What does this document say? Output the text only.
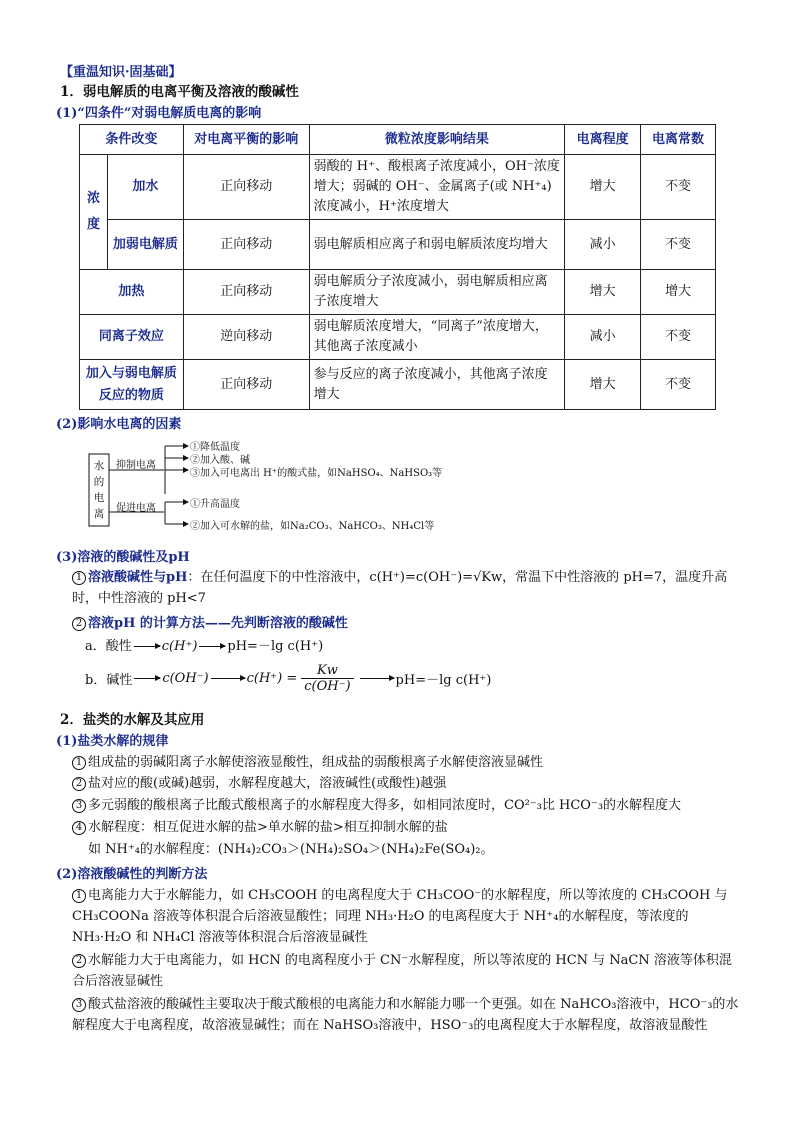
【重温知识·固基础】
1．弱电解质的电离平衡及溶液的酸碱性
(1)“四条件”对弱电解质电离的影响
条件改变		对电离平衡的影响	微粒浓度影响结果	电离程度	电离常数
浓度	加水	正向移动	弱酸的 H⁺、酸根离子浓度减小，OH⁻浓度增大；弱碱的 OH⁻、金属离子(或 NH⁺₄)浓度减小，H⁺浓度增大	增大	不变
	加弱电解质	正向移动	弱电解质相应离子和弱电解质浓度均增大	减小	不变
加热		正向移动	弱电解质分子浓度减小，弱电解质相应离子浓度增大	增大	增大
同离子效应		逆向移动	弱电解质浓度增大，“同离子”浓度增大，其他离子浓度减小	减小	不变
加入与弱电解质反应的物质		正向移动	参与反应的离子浓度减小，其他离子浓度增大	增大	不变
(2)影响水电离的因素
水的电离
抑制电离
①降低温度
②加入酸、碱
③加入可电离出 H⁺的酸式盐，如NaHSO₄、NaHSO₃等
促进电离	①升高温度
②加入可水解的盐，如Na₂CO₃、NaHCO₃、NH₄Cl等
(3)溶液的酸碱性及pH
1 溶液酸碱性与pH：在任何温度下的中性溶液中，c(H⁺)=c(OH⁻)=√Kw，常温下中性溶液的 pH=7，温度升高时，中性溶液的 pH<7
2 溶液pH 的计算方法——先判断溶液的酸碱性
a．酸性 c(H⁺) pH=－lg c(H⁺)
b．碱性 c(OH⁻)	$c(H^+) = \frac{Kw}{c(OH^-)}$	pH=－lg c(H⁺)
2．盐类的水解及其应用
(1)盐类水解的规律
1 组成盐的弱碱阳离子水解使溶液显酸性，组成盐的弱酸根离子水解使溶液显碱性
2 盐对应的酸(或碱)越弱，水解程度越大，溶液碱性(或酸性)越强
3 多元弱酸的酸根离子比酸式酸根离子的水解程度大得多，如相同浓度时，CO²⁻₃比 HCO⁻₃的水解程度大
4 水解程度：相互促进水解的盐>单水解的盐>相互抑制水解的盐
如 NH⁺₄的水解程度：(NH₄)₂CO₃＞(NH₄)₂SO₄＞(NH₄)₂Fe(SO₄)₂。
(2)溶液酸碱性的判断方法
1 电离能力大于水解能力，如 CH₃COOH 的电离程度大于 CH₃COO⁻的水解程度，所以等浓度的 CH₃COOH 与 CH₃COONa 溶液等体积混合后溶液显酸性；同理 NH₃·H₂O 的电离程度大于 NH⁺₄的水解程度，等浓度的 NH₃·H₂O 和 NH₄Cl 溶液等体积混合后溶液显碱性
2 水解能力大于电离能力，如 HCN 的电离程度小于 CN⁻水解程度，所以等浓度的 HCN 与 NaCN 溶液等体积混合后溶液显碱性
3 酸式盐溶液的酸碱性主要取决于酸式酸根的电离能力和水解能力哪一个更强。如在 NaHCO₃溶液中，HCO⁻₃的水解程度大于电离程度，故溶液显碱性；而在 NaHSO₃溶液中，HSO⁻₃的电离程度大于水解程度，故溶液显酸性
